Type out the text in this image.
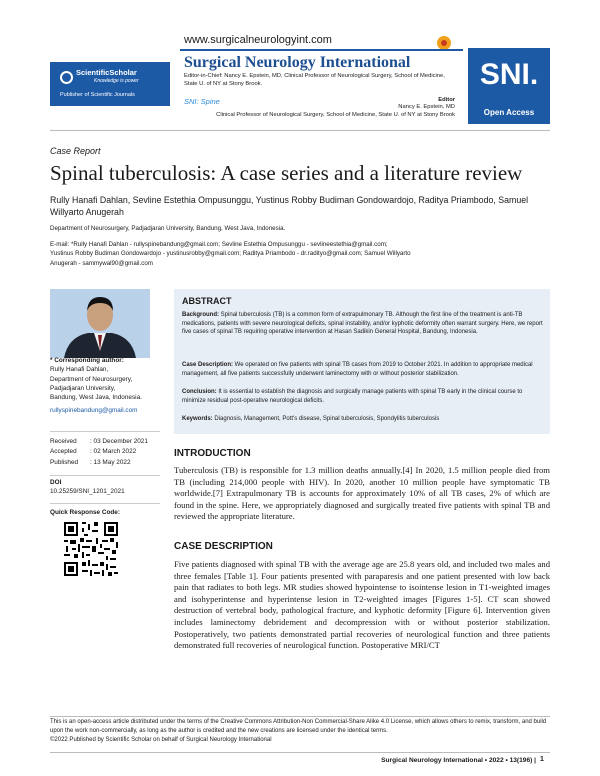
ScientificScholar
Knowledge is power
Publisher of Scientific Journals
www.surgicalneurologyint.com
Surgical Neurology International
Editor-in-Chief: Nancy E. Epstein, MD, Clinical Professor of Neurological Surgery, School of Medicine, State U. of NY at Stony Brook.
SNI: Spine	Editor
Nancy E. Epstein, MD
Clinical Professor of Neurological Surgery, School of Medicine, State U. of NY at Stony Brook
SNI.
Open Access
Case Report
Spinal tuberculosis: A case series and a literature review
Rully Hanafi Dahlan, Sevline Estethia Ompusunggu, Yustinus Robby Budiman Gondowardojo, Raditya Priambodo, Samuel Willyarto Anugerah
Department of Neurosurgery, Padjadjaran University, Bandung, West Java, Indonesia.
E-mail: *Rully Hanafi Dahlan - rullyspinebandung@gmail.com; Sevline Estethia Ompusunggu - sevlineestethia@gmail.com;
Yustinus Robby Budiman Gondowardojo - yustinusrobby@gmail.com; Raditya Priambodo - dr.radityo@gmail.com; Samuel Willyarto
Anugerah - sammywal90@gmail.com
* Corresponding author:
Rully Hanafi Dahlan,
Department of Neurosurgery,
Padjadjaran University,
Bandung, West Java, Indonesia.
rullyspinebandung@gmail.com
Received	: 03 December 2021
Accepted	: 02 March 2022
Published	: 13 May 2022
DOI
10.25259/SNI_1201_2021
Quick Response Code:
ABSTRACT
Background: Spinal tuberculosis (TB) is a common form of extrapulmonary TB. Although the first line of the treatment is anti-TB medications, patients with severe neurological deficits, spinal instability, and/or kyphotic deformity often warrant surgery. Here, we report five cases of spinal TB requiring operative intervention at Hasan Sadikin General Hospital, Bandung, Indonesia.
Case Description: We operated on five patients with spinal TB cases from 2019 to October 2021. In addition to appropriate medical management, all five patients successfully underwent laminectomy with or without posterior stabilization.
Conclusion: It is essential to establish the diagnosis and surgically manage patients with spinal TB early in the clinical course to minimize residual post-operative neurological deficits.
Keywords: Diagnosis, Management, Pott's disease, Spinal tuberculosis, Spondylitis tuberculosis
INTRODUCTION
Tuberculosis (TB) is responsible for 1.3 million deaths annually.[4] In 2020, 1.5 million people died from TB (including 214,000 people with HIV). In 2020, another 10 million people have symptomatic TB worldwide.[7] Extrapulmonary TB is accounts for approximately 10% of all TB cases, 2% of which are found in the spine. Here, we appropriately diagnosed and surgically treated five patients with spinal TB and reviewed the appropriate literature.
CASE DESCRIPTION
Five patients diagnosed with spinal TB with the average age are 25.8 years old, and included two males and three females [Table 1]. Four patients presented with paraparesis and one patient presented with low back pain that radiates to both legs. MR studies showed hypointense to isointense lesion in T1-weighted images and isohyperintense and hyperintense lesion in T2-weighted images [Figures 1-5]. CT scan showed destruction of vertebral body, pathological fracture, and kyphotic deformity [Figure 6]. Intervention given includes laminectomy debridement and decompression with or without posterior stabilization. Postoperatively, two patients demonstrated partial recoveries of neurological function and three patients demonstrated full recoveries of neurological function. Postoperative MRI/CT
This is an open-access article distributed under the terms of the Creative Commons Attribution-Non Commercial-Share Alike 4.0 License, which allows others to remix, transform, and build upon the work non-commercially, as long as the author is credited and the new creations are licensed under the identical terms.
©2022 Published by Scientific Scholar on behalf of Surgical Neurology International
Surgical Neurology International • 2022 • 13(196) | 1
